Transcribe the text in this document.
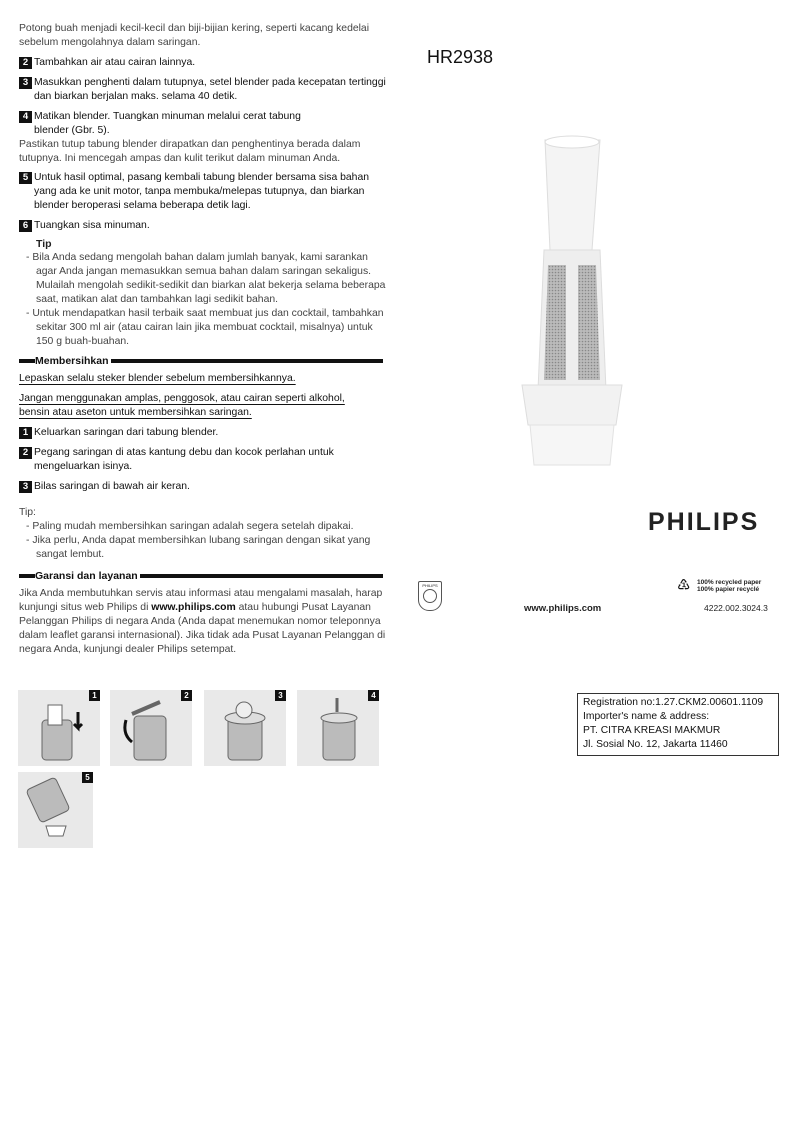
Potong buah menjadi kecil-kecil dan biji-bijian kering, seperti kacang kedelai sebelum mengolahnya dalam saringan.
2 Tambahkan air atau cairan lainnya.
3 Masukkan penghenti dalam tutupnya, setel blender pada kecepatan tertinggi dan biarkan berjalan maks. selama 40 detik.
4 Matikan blender. Tuangkan minuman melalui cerat tabung blender (Gbr. 5).
Pastikan tutup tabung blender dirapatkan dan penghentinya berada dalam tutupnya. Ini mencegah ampas dan kulit terikut dalam minuman Anda.
5 Untuk hasil optimal, pasang kembali tabung blender bersama sisa bahan yang ada ke unit motor, tanpa membuka/melepas tutupnya, dan biarkan blender beroperasi selama beberapa detik lagi.
6 Tuangkan sisa minuman.
Tip
- Bila Anda sedang mengolah bahan dalam jumlah banyak, kami sarankan agar Anda jangan memasukkan semua bahan dalam saringan sekaligus. Mulailah mengolah sedikit-sedikit dan biarkan alat bekerja selama beberapa saat, matikan alat dan tambahkan lagi sedikit bahan.
- Untuk mendapatkan hasil terbaik saat membuat jus dan cocktail, tambahkan sekitar 300 ml air (atau cairan lain jika membuat cocktail, misalnya) untuk 150 g buah-buahan.
Membersihkan
Lepaskan selalu steker blender sebelum membersihkannya.
Jangan menggunakan amplas, penggosok, atau cairan seperti alkohol, bensin atau aseton untuk membersihkan saringan.
1 Keluarkan saringan dari tabung blender.
2 Pegang saringan di atas kantung debu dan kocok perlahan untuk mengeluarkan isinya.
3 Bilas saringan di bawah air keran.
Tip:
- Paling mudah membersihkan saringan adalah segera setelah dipakai.
- Jika perlu, Anda dapat membersihkan lubang saringan dengan sikat yang sangat lembut.
Garansi dan layanan
Jika Anda membutuhkan servis atau informasi atau mengalami masalah, harap kunjungi situs web Philips di www.philips.com atau hubungi Pusat Layanan Pelanggan Philips di negara Anda (Anda dapat menemukan nomor teleponnya dalam leaflet garansi internasional). Jika tidak ada Pusat Layanan Pelanggan di negara Anda, kunjungi dealer Philips setempat.
1	2	3	4
5
HR2938
PHILIPS
PHILIPS
www.philips.com
♳ 100% recycled paper
100% papier recyclé
4222.002.3024.3
Registration no:1.27.CKM2.00601.1109
Importer's name & address:
PT. CITRA KREASI MAKMUR
Jl. Sosial No. 12, Jakarta 11460
